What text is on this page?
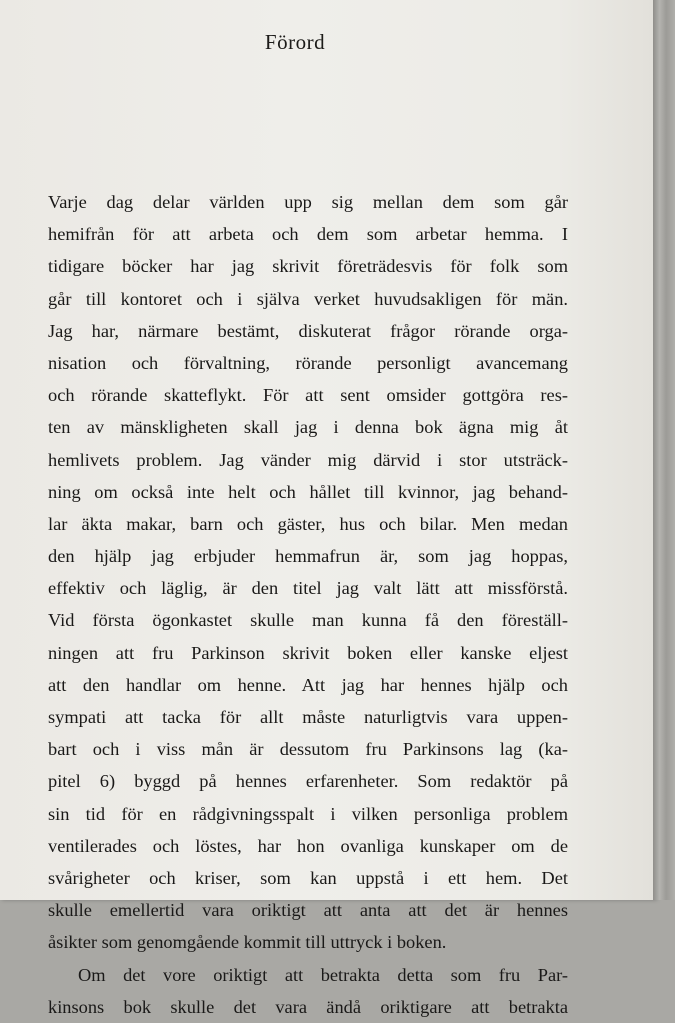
Förord
Varje dag delar världen upp sig mellan dem som går
hemifrån för att arbeta och dem som arbetar hemma. I
tidigare böcker har jag skrivit företrädesvis för folk som
går till kontoret och i själva verket huvudsakligen för män.
Jag har, närmare bestämt, diskuterat frågor rörande orga-
nisation och förvaltning, rörande personligt avancemang
och rörande skatteflykt. För att sent omsider gottgöra res-
ten av mänskligheten skall jag i denna bok ägna mig åt
hemlivets problem. Jag vänder mig därvid i stor utsträck-
ning om också inte helt och hållet till kvinnor, jag behand-
lar äkta makar, barn och gäster, hus och bilar. Men medan
den hjälp jag erbjuder hemmafrun är, som jag hoppas,
effektiv och läglig, är den titel jag valt lätt att missförstå.
Vid första ögonkastet skulle man kunna få den föreställ-
ningen att fru Parkinson skrivit boken eller kanske eljest
att den handlar om henne. Att jag har hennes hjälp och
sympati att tacka för allt måste naturligtvis vara uppen-
bart och i viss mån är dessutom fru Parkinsons lag (ka-
pitel 6) byggd på hennes erfarenheter. Som redaktör på
sin tid för en rådgivningsspalt i vilken personliga problem
ventilerades och löstes, har hon ovanliga kunskaper om de
svårigheter och kriser, som kan uppstå i ett hem. Det
skulle emellertid vara oriktigt att anta att det är hennes
åsikter som genomgående kommit till uttryck i boken.
Om det vore oriktigt att betrakta detta som fru Par-
kinsons bok skulle det vara ändå oriktigare att betrakta
